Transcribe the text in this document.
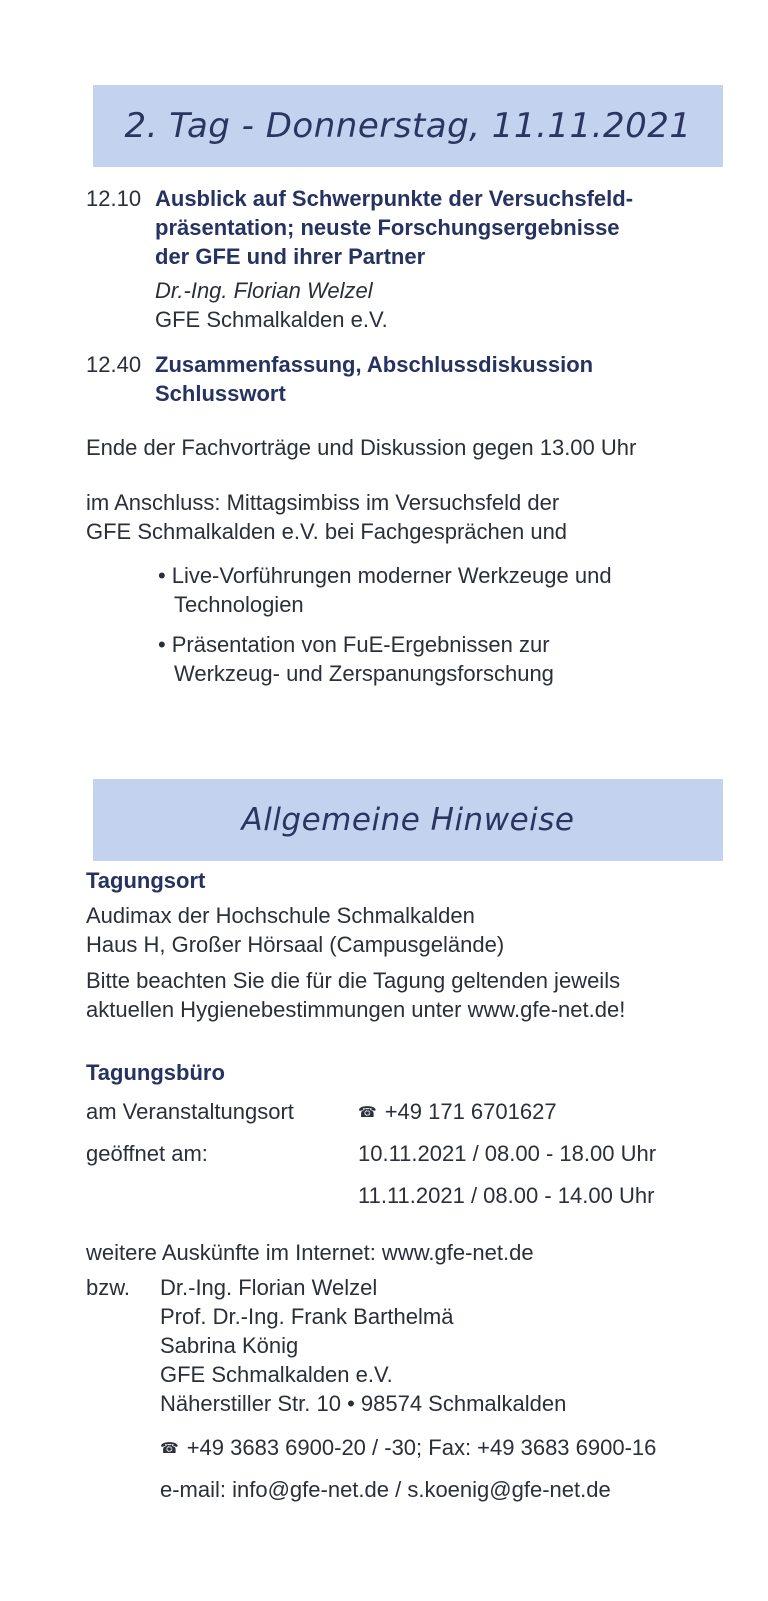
2. Tag - Donnerstag, 11.11.2021
12.10 Ausblick auf Schwerpunkte der Versuchsfeld-
präsentation; neuste Forschungsergebnisse
der GFE und ihrer Partner
Dr.-Ing. Florian Welzel
GFE Schmalkalden e.V.
12.40 Zusammenfassung, Abschlussdiskussion
Schlusswort
Ende der Fachvorträge und Diskussion gegen 13.00 Uhr
im Anschluss: Mittagsimbiss im Versuchsfeld der
GFE Schmalkalden e.V. bei Fachgesprächen und
• Live-Vorführungen moderner Werkzeuge und
Technologien
• Präsentation von FuE-Ergebnissen zur
Werkzeug- und Zerspanungsforschung
Allgemeine Hinweise
Tagungsort
Audimax der Hochschule Schmalkalden
Haus H, Großer Hörsaal (Campusgelände)
Bitte beachten Sie die für die Tagung geltenden jeweils
aktuellen Hygienebestimmungen unter www.gfe-net.de!
Tagungsbüro
am Veranstaltungsort	☎ +49 171 6701627
geöffnet am:	10.11.2021 / 08.00 - 18.00 Uhr
11.11.2021 / 08.00 - 14.00 Uhr
weitere Auskünfte im Internet: www.gfe-net.de
bzw. Dr.-Ing. Florian Welzel
Prof. Dr.-Ing. Frank Barthelmä
Sabrina König
GFE Schmalkalden e.V.
Näherstiller Str. 10 • 98574 Schmalkalden
☎ +49 3683 6900-20 / -30; Fax: +49 3683 6900-16
e-mail: info@gfe-net.de / s.koenig@gfe-net.de
